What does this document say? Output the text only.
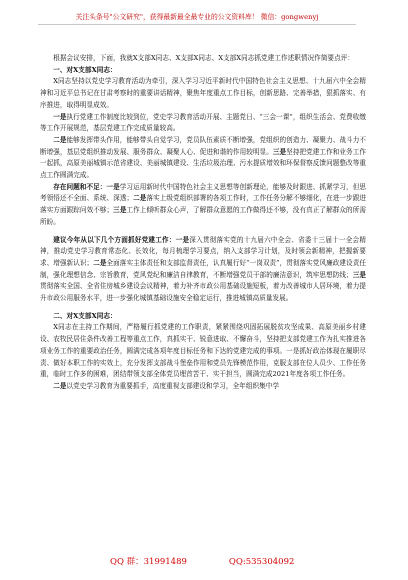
关注头条号"公文研究"，获得最新最全最专业的公文资料库！ 微信：gongwenyj

根据会议安排，下面，我就X支部X同志、X支部X同志、X支部X同志抓党建工作述职情况作简要点评：

一、对X支部X同志：

X同志坚持以党史学习教育活动为牵引，深入学习习近平新时代中国特色社会主义思想、十九届六中全会精神和习近平总书记在甘肃考察时的重要讲话精神，聚焦年度重点工作目标，创新思路、完善举措，狠抓落实、有序推进，取得明显成效。

一是执行党建工作制度比较到位，党史学习教育活动开展、主题党日、“三会一课”，组织生活会、党费收缴等工作开展规范，基层党建工作完成质量较高。

二是能够发挥带头作用，能够带头自觉学习，党员队伍素质不断增强，党组织的创造力、凝聚力、战斗力不断增强，基层党组织推动发展、服务群众、凝聚人心、促进和谐的作用较明显。三是坚持把党建工作和业务工作一起抓，高原美丽城镇示范省建设、美丽城镇建设、生活垃圾治理、污水提质增效和环保督察反馈问题整改等重点工作圆满完成。

存在问题和不足：一是学习运用新时代中国特色社会主义思想等创新理论，能够及时跟进、抓紧学习，但思考领悟还不全面、系统、深透；二是落实上级党组织部署的各项工作时，工作任务分解不够细化，在进一步跟进落实方面跟踪问效不够；三是工作上倾听群众心声，了解群众意愿的工作做得还不够，没有真正了解群众的所需所盼。

建议今年从以下几个方面抓好党建工作：一是深入贯彻落实党的十九届六中全会、省委十三届十一全会精神，推动党史学习教育常态化、长效化，每月梳理学习要点，纳入支部学习计划，及时领会新精神，把握新要求、增强新认识；二是全面落实主体责任和支部监督责任，认真履行好“一岗双责”，贯彻落实党风廉政建设责任制，强化理想信念、宗旨教育，党风党纪和廉洁自律教育，不断增强党员干部的廉洁意识，筑牢思想防线；三是贯彻落实全国、全省住房城乡建设会议精神，着力补齐市政公用基础设施短板，着力改善城市人居环境，着力提升市政公用服务水平，进一步强化城镇基础设施安全稳定运行，推进城镇高质量发展。

二、对X支部X同志：

X同志在主持工作期间，严格履行抓党建的工作职责，紧紧围绕巩固拓展脱贫攻坚成果、高原美丽乡村建设、农牧民居住条件改善工程等重点工作，真抓实干、锐意进取、不懈奋斗，坚持把支部党建工作为扎实推进各项业务工作的重要政治任务，圆满完成各项年度目标任务和下达的党建完成的事项。一是抓好政治体现在履职尽责、做好本职工作的实效上，充分发挥支部战斗堡垒作用和党员先锋模范作用，克服支部在位人员少、工作任务重，临时工作多的困难，团结带领支部全体党员埋首苦干、实干担当，圆满完成2021年度各项工作任务。

二是以党史学习教育为重要抓手，高度重视支部建设和学习，全年组织集中学

QQ 群：31991489	QQ:535304092
